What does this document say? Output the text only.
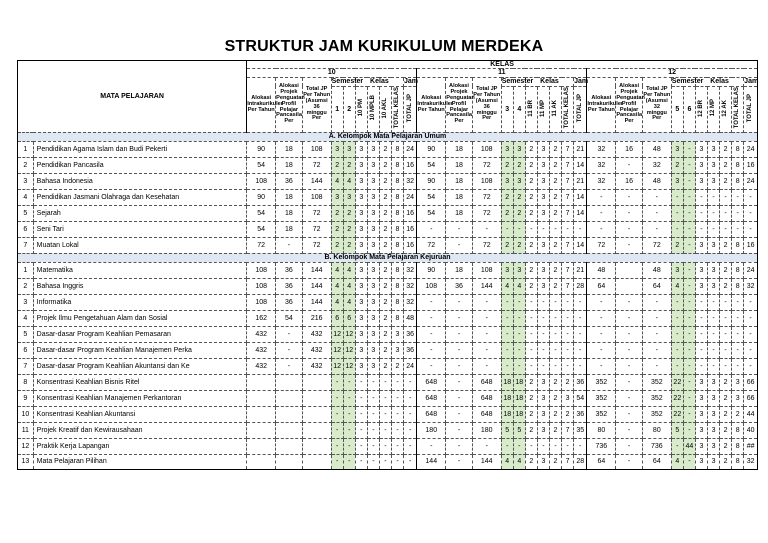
STRUKTUR JAM KURIKULUM MERDEKA
MATA PELAJARAN		KELAS																													
		10										11										12									
		Alokasi Intrakurikuler Per Tahun	Alokasi Projek Penguatan Profil Pelajar Pancasila Per	Total JP Per Tahun (Asumsi 36 minggu Per	Semester		Kelas				Jam	Alokasi Intrakurikuler Per Tahun	Alokasi Projek Penguatan Profil Pelajar Pancasila Per	Total JP Per Tahun (Asumsi 36 minggu Per	Semester		Kelas				Jam	Alokasi Intrakurikuler Per Tahun	Alokasi Projek Penguatan Profil Pelajar Pancasila Per	Total JP Per Tahun (Asumsi 32 minggu Per	Semester		Kelas				Jam
					1	2	10 PM	10 MPLB	10 AKL	TOTAL KELAS	TOTAL JP				3	4	11 BR	11 MP	11 AK	TOTAL KELAS	TOTAL JP				5	6	12 BR	12 MP	12 AK	TOTAL KELAS	TOTAL JP
A. Kelompok Mata Pelajaran Umum																															
1	Pendidikan Agama Islam dan Budi Pekerti	90	18	108	3	3	3	3	2	8	24	90	18	108	3	3	2	3	2	7	21	32	16	48	3	-	3	3	2	8	24
2	Pendidikan Pancasila	54	18	72	2	2	3	3	2	8	16	54	18	72	2	2	2	3	2	7	14	32	-	32	2	-	3	3	2	8	16
3	Bahasa Indonesia	108	36	144	4	4	3	3	2	8	32	90	18	108	3	3	2	3	2	7	21	32	16	48	3	-	3	3	2	8	24
4	Pendidikan Jasmani Olahraga dan Kesehatan	90	18	108	3	3	3	3	2	8	24	54	18	72	2	2	2	3	2	7	14	-	-	-	-	-	-	-	-	-	-
5	Sejarah	54	18	72	2	2	3	3	2	8	16	54	18	72	2	2	2	3	2	7	14	-	-	-	-	-	-	-	-	-	-
6	Seni Tari	54	18	72	2	2	3	3	2	8	16	-	-	-	-	-	-	-	-	-	-	-	-	-	-	-	-	-	-	-	-
7	Muatan Lokal	72	-	72	2	2	3	3	2	8	16	72	-	72	2	2	2	3	2	7	14	72	-	72	2	-	3	3	2	8	16
B. Kelompok Mata Pelajaran Kejuruan																															
1	Matematika	108	36	144	4	4	3	3	2	8	32	90	18	108	3	3	2	3	2	7	21	48		48	3	-	3	3	2	8	24
2	Bahasa Inggris	108	36	144	4	4	3	3	2	8	32	108	36	144	4	4	2	3	2	7	28	64		64	4	-	3	3	2	8	32
3	Informatika	108	36	144	4	4	3	3	2	8	32	-	-	-	-	-	-	-	-	-	-	-	-	-	-	-	-	-	-	-	-
4	Projek Ilmu Pengetahuan Alam dan Sosial	162	54	216	6	6	3	3	2	8	48	-	-	-	-	-	-	-	-	-	-	-	-	-	-	-	-	-	-	-	-
5	Dasar-dasar Program Keahlian Pemasaran	432	-	432	12	12	3	3	2	3	36	-	-	-	-	-	-	-	-	-	-	-	-	-	-	-	-	-	-	-	-
6	Dasar-dasar Program Keahlian Manajemen Perka	432	-	432	12	12	3	3	2	3	36	-	-	-	-	-	-	-	-	-	-	-	-	-	-	-	-	-	-	-	-
7	Dasar-dasar Program Keahlian Akuntansi dan Ke	432	-	432	12	12	3	3	2	2	24	-	-	-	-	-	-	-	-	-	-	-	-	-	-	-	-	-	-	-	-
8	Konsentrasi Keahlian Bisnis Ritel				-	-	-	-	-	-	-	648	-	648	18	18	2	3	2	2	36	352	-	352	22	-	3	3	2	3	66
9	Konsentrasi Keahlian Manajemen Perkantoran				-	-	-	-	-	-	-	648	-	648	18	18	2	3	2	3	54	352	-	352	22	-	3	3	2	3	66
10	Konsentrasi Keahlian Akuntansi				-	-	-	-	-	-	-	648	-	648	18	18	2	3	2	2	36	352	-	352	22	-	3	3	2	2	44
11	Projek Kreatif dan Kewirausahaan				-	-	-	-	-	-	-	180	-	180	5	5	2	3	2	7	35	80	-	80	5	-	3	3	2	8	40
12	Praktik Kerja Lapangan				-	-	-	-	-	-	-	-	-	-	-	-	-	-	-	-	-	736	-	736	-	44	3	3	2	8	##
13	Mata Pelajaran Pilihan				-	-	-	-	-	-	-	144	-	144	4	4	2	3	2	7	28	64	-	64	4	-	3	3	2	8	32
